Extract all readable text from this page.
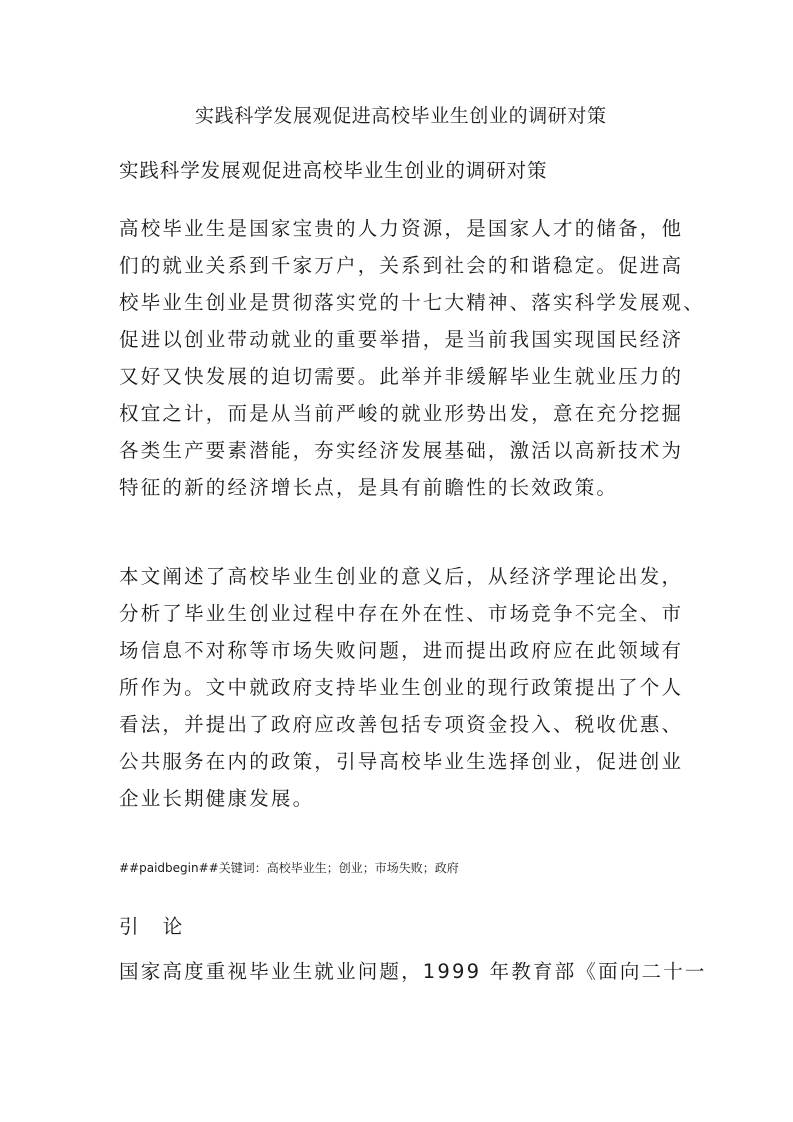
实践科学发展观促进高校毕业生创业的调研对策
实践科学发展观促进高校毕业生创业的调研对策
高校毕业生是国家宝贵的人力资源，是国家人才的储备，他
们的就业关系到千家万户，关系到社会的和谐稳定。促进高
校毕业生创业是贯彻落实党的十七大精神、落实科学发展观、
促进以创业带动就业的重要举措，是当前我国实现国民经济
又好又快发展的迫切需要。此举并非缓解毕业生就业压力的
权宜之计，而是从当前严峻的就业形势出发，意在充分挖掘
各类生产要素潜能，夯实经济发展基础，激活以高新技术为
特征的新的经济增长点，是具有前瞻性的长效政策。
本文阐述了高校毕业生创业的意义后，从经济学理论出发，
分析了毕业生创业过程中存在外在性、市场竞争不完全、市
场信息不对称等市场失败问题，进而提出政府应在此领域有
所作为。文中就政府支持毕业生创业的现行政策提出了个人
看法，并提出了政府应改善包括专项资金投入、税收优惠、
公共服务在内的政策，引导高校毕业生选择创业，促进创业
企业长期健康发展。

##paidbegin##关键词：高校毕业生；创业；市场失败；政府

引 论
国家高度重视毕业生就业问题，1999 年教育部《面向二十一
